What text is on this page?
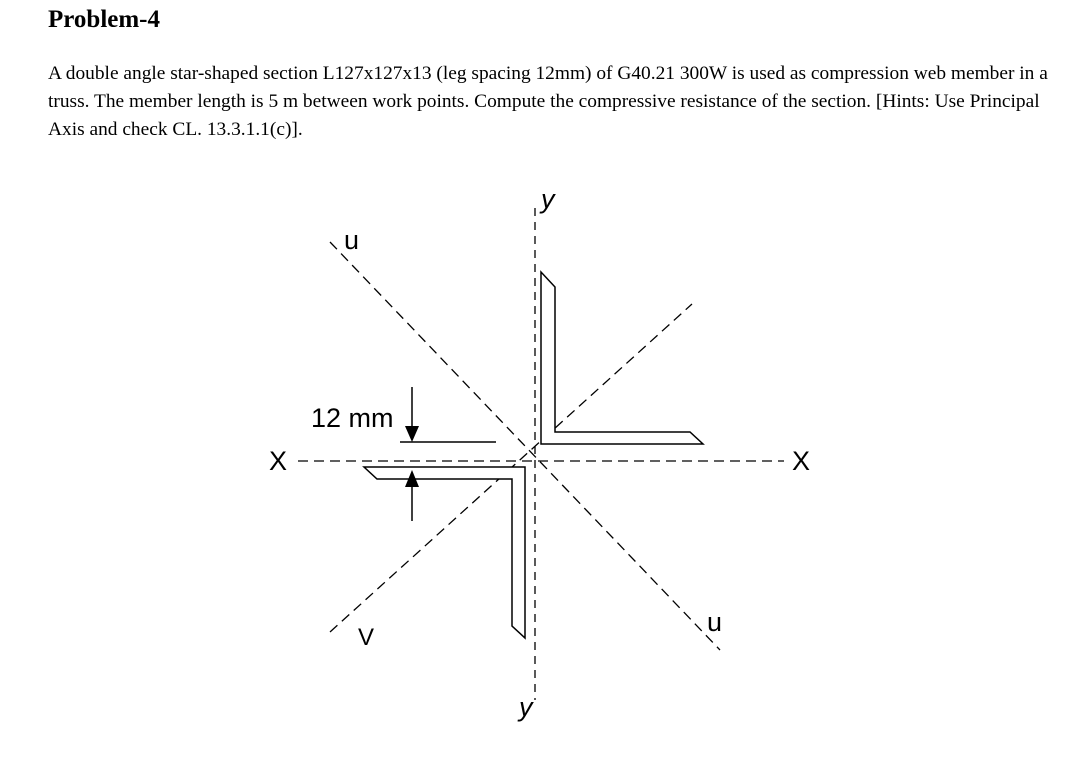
Problem-4
A double angle star-shaped section L127x127x13 (leg spacing 12mm) of G40.21 300W is used as compression web member in a truss. The member length is 5 m between work points. Compute the compressive resistance of the section. [Hints: Use Principal Axis and check CL. 13.3.1.1(c)].
12 mm
X	X
y
y
u
u
V
